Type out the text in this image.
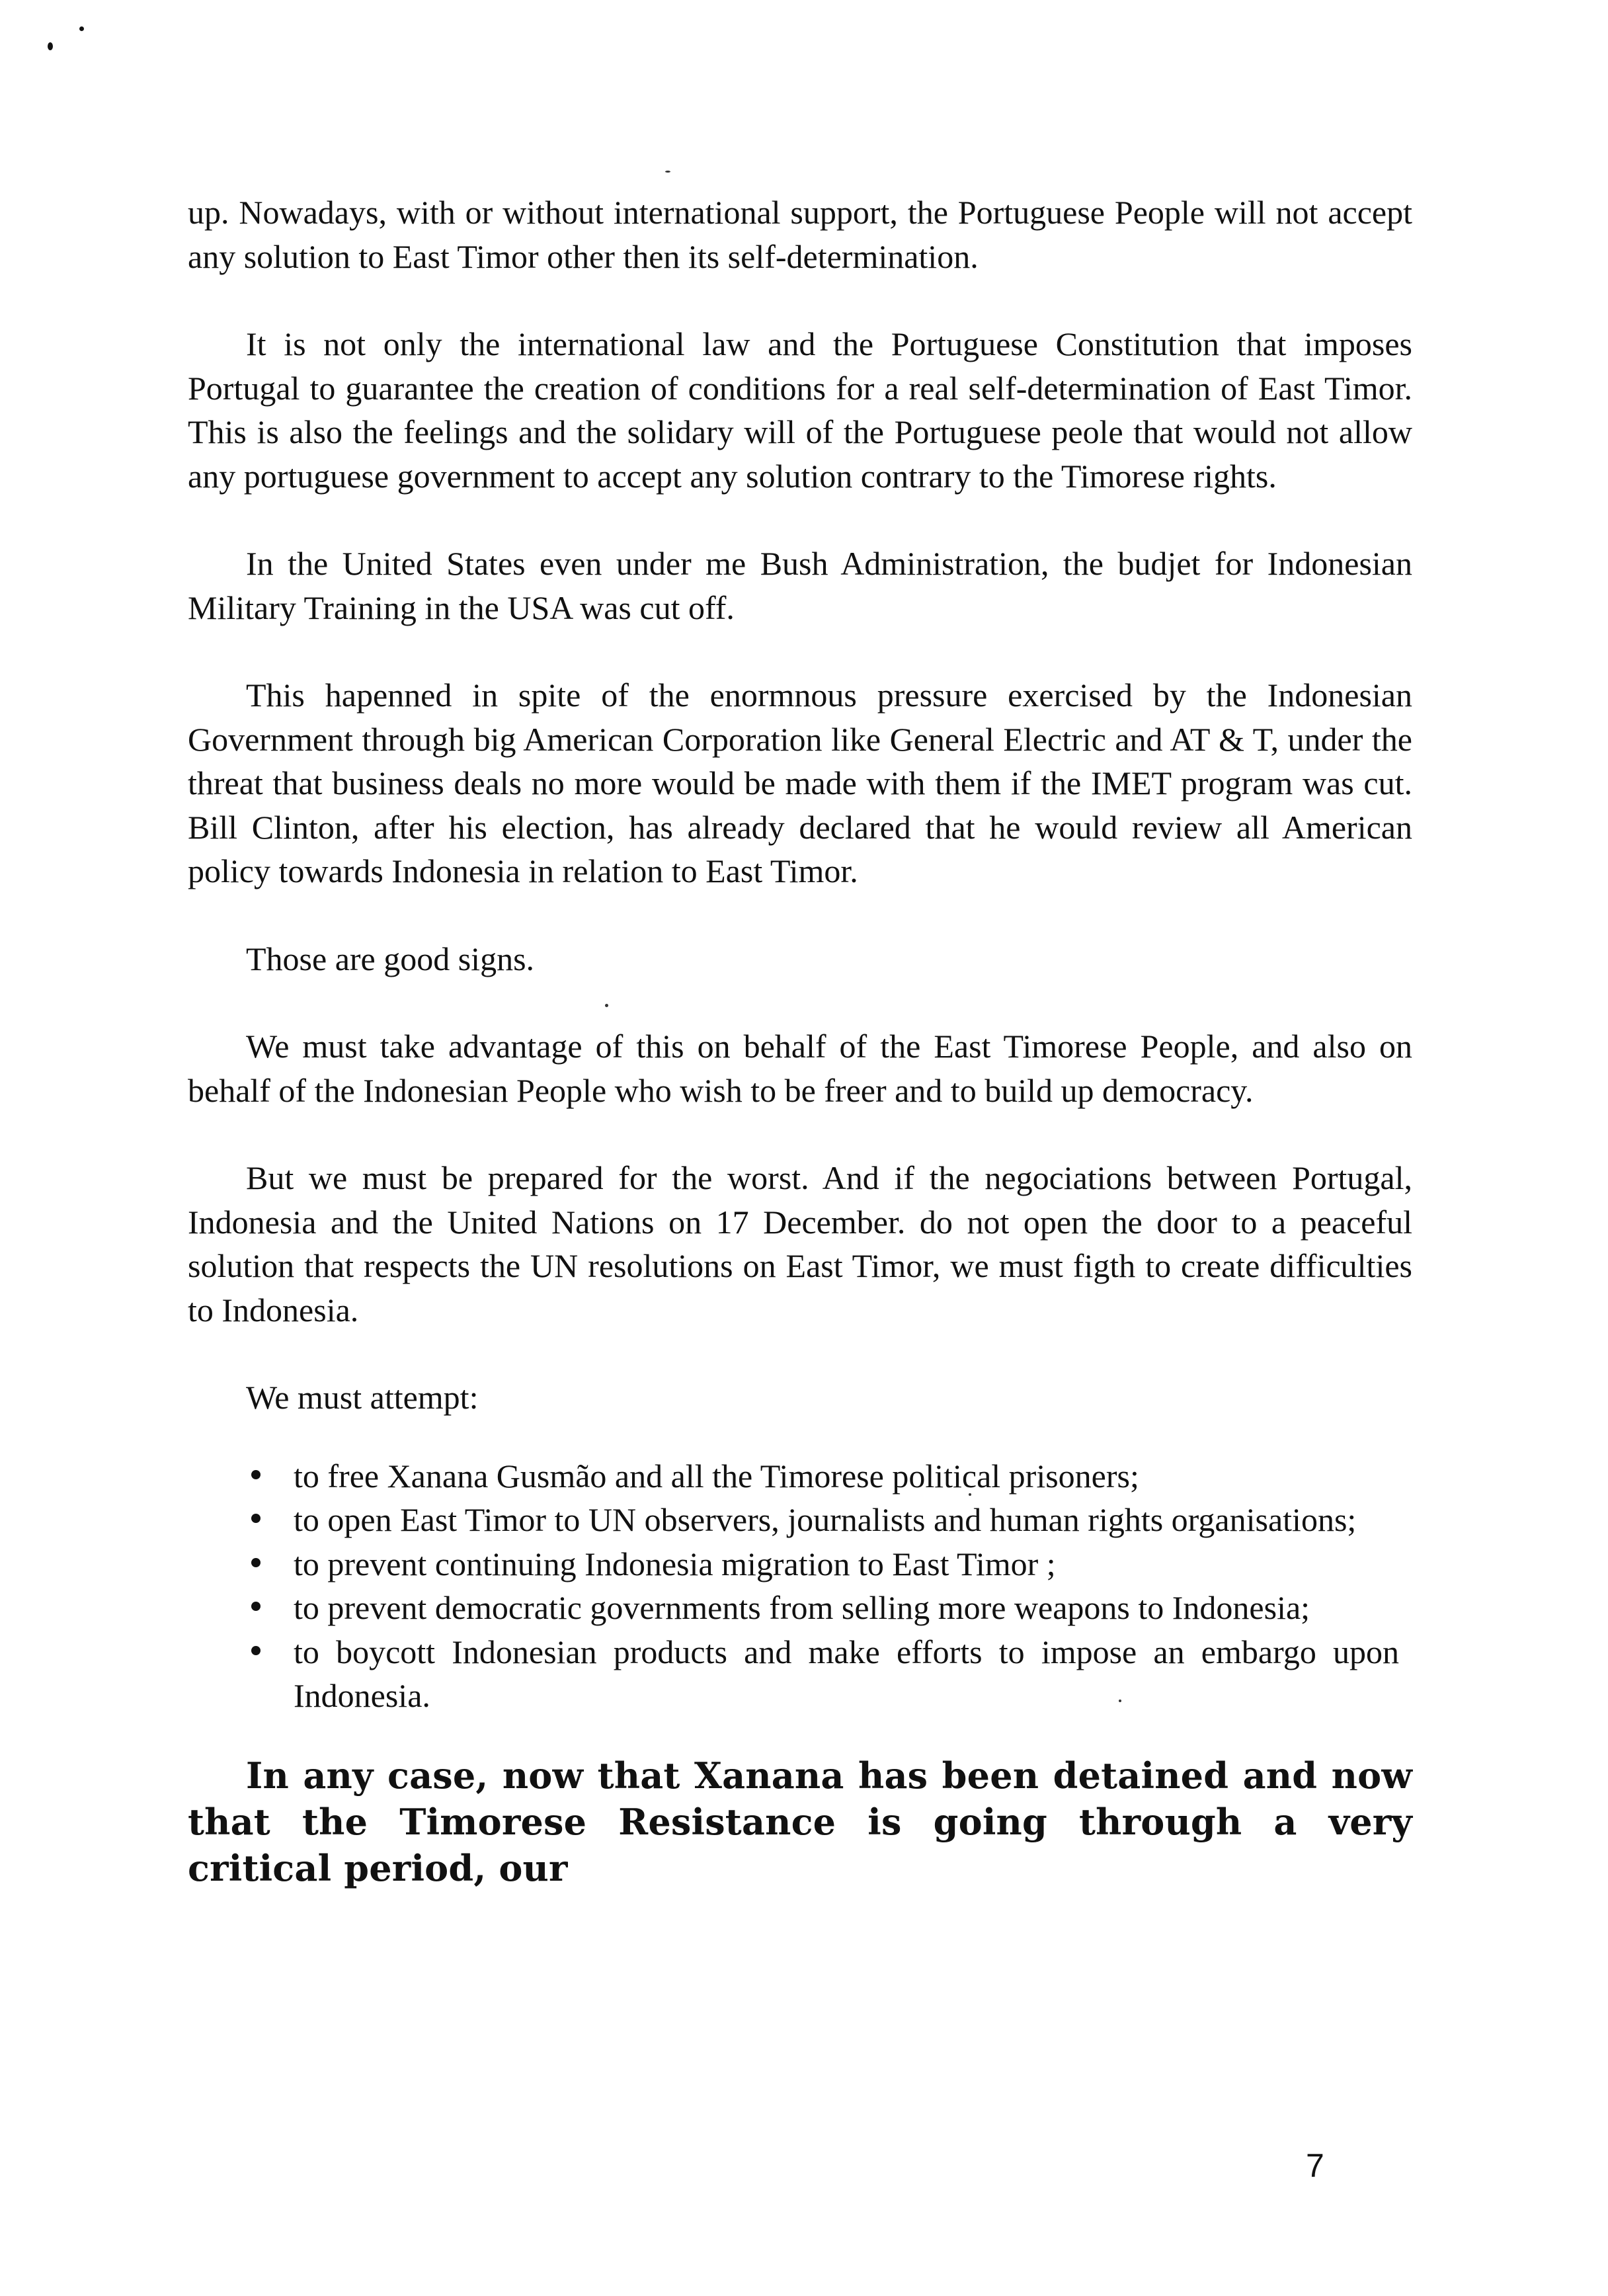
up. Nowadays, with or without international support, the Portuguese People will not accept any solution to East Timor other then its self-determination.

It is not only the international law and the Portuguese Constitution that imposes Portugal to guarantee the creation of conditions for a real self-determination of East Timor. This is also the feelings and the solidary will of the Portuguese peole that would not allow any portuguese government to accept any solution contrary to the Timorese rights.

In the United States even under me Bush Administration, the budjet for Indonesian Military Training in the USA was cut off.

This hapenned in spite of the enormnous pressure exercised by the Indonesian Government through big American Corporation like General Electric and AT & T, under the threat that business deals no more would be made with them if the IMET program was cut. Bill Clinton, after his election, has already declared that he would review all American policy towards Indonesia in relation to East Timor.

Those are good signs.

We must take advantage of this on behalf of the East Timorese People, and also on behalf of the Indonesian People who wish to be freer and to build up democracy.

But we must be prepared for the worst. And if the negociations between Portugal, Indonesia and the United Nations on 17 December. do not open the door to a peaceful solution that respects the UN resolutions on East Timor, we must figth to create difficulties to Indonesia.

We must attempt:

to free Xanana Gusmão and all the Timorese political prisoners;
to open East Timor to UN observers, journalists and human rights organisations;
to prevent continuing Indonesia migration to East Timor ;
to prevent democratic governments from selling more weapons to Indonesia;
to boycott Indonesian products and make efforts to impose an embargo upon Indonesia.

In any case, now that Xanana has been detained and now that the Timorese Resistance is going through a very critical period, our

7
